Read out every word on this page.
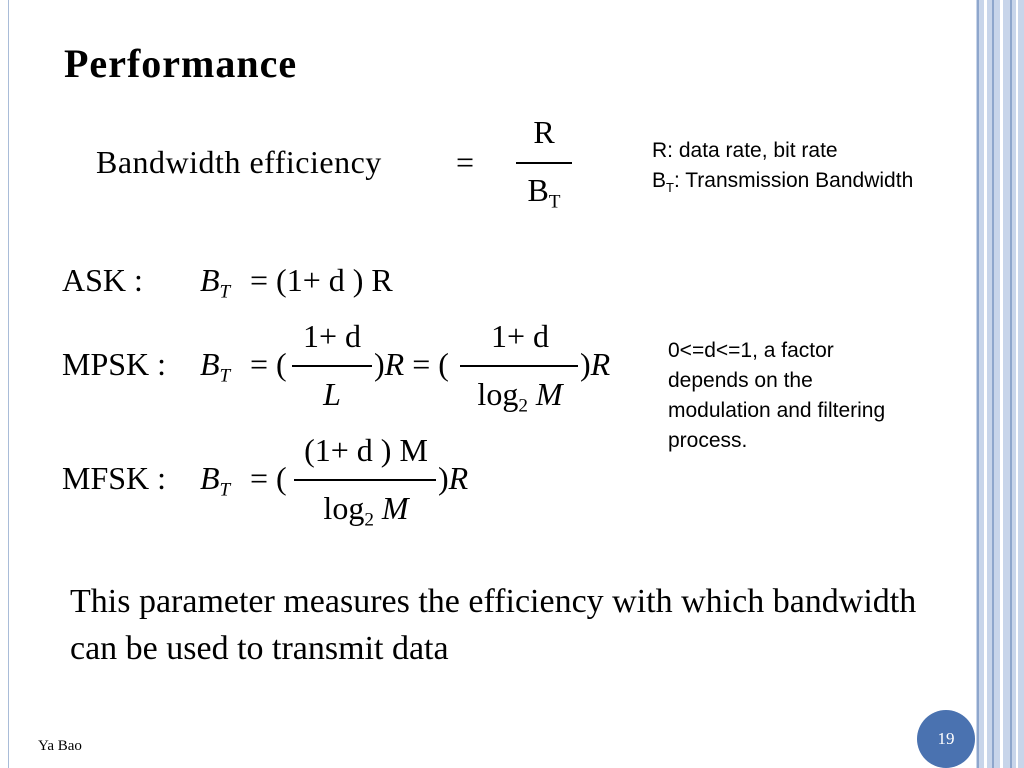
Performance
Bandwidth efficiency =
R
$B_T$
R: data rate, bit rate
$B_T$: Transmission Bandwidth
ASK : $B_T = (1+ d$ ) R
MPSK : $B_T$ = (
1+ d
L
)R = (
1+ d
$\log_2 M$
)R	0<=d<=1, a factor
depends on the
modulation and filtering
process.
MFSK : $B_T$ = (
(1+ d ) M
$\log_2 M$
)R
This parameter measures the efficiency with which bandwidth can be used to transmit data
Ya Bao	19
